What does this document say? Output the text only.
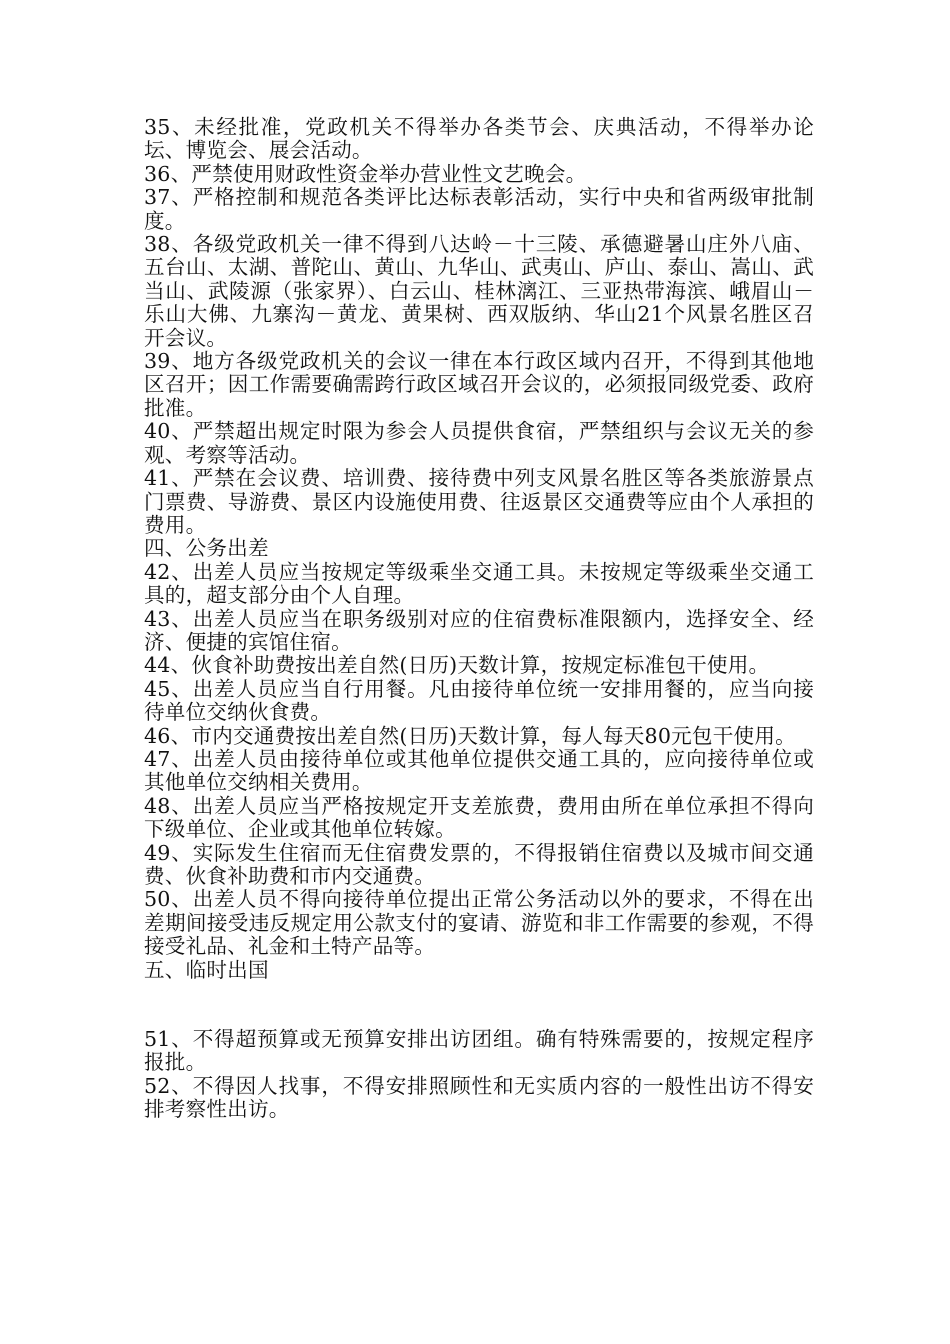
35、未经批准，党政机关不得举办各类节会、庆典活动，不得举办论坛、博览会、展会活动。

36、严禁使用财政性资金举办营业性文艺晚会。

37、严格控制和规范各类评比达标表彰活动，实行中央和省两级审批制度。

38、各级党政机关一律不得到八达岭－十三陵、承德避暑山庄外八庙、五台山、太湖、普陀山、黄山、九华山、武夷山、庐山、泰山、嵩山、武当山、武陵源（张家界）、白云山、桂林漓江、三亚热带海滨、峨眉山－乐山大佛、九寨沟－黄龙、黄果树、西双版纳、华山21个风景名胜区召开会议。

39、地方各级党政机关的会议一律在本行政区域内召开，不得到其他地区召开；因工作需要确需跨行政区域召开会议的，必须报同级党委、政府批准。

40、严禁超出规定时限为参会人员提供食宿，严禁组织与会议无关的参观、考察等活动。

41、严禁在会议费、培训费、接待费中列支风景名胜区等各类旅游景点门票费、导游费、景区内设施使用费、往返景区交通费等应由个人承担的费用。

四、公务出差

42、出差人员应当按规定等级乘坐交通工具。未按规定等级乘坐交通工具的，超支部分由个人自理。

43、出差人员应当在职务级别对应的住宿费标准限额内，选择安全、经济、便捷的宾馆住宿。

44、伙食补助费按出差自然(日历)天数计算，按规定标准包干使用。

45、出差人员应当自行用餐。凡由接待单位统一安排用餐的，应当向接待单位交纳伙食费。

46、市内交通费按出差自然(日历)天数计算，每人每天80元包干使用。

47、出差人员由接待单位或其他单位提供交通工具的，应向接待单位或其他单位交纳相关费用。

48、出差人员应当严格按规定开支差旅费，费用由所在单位承担不得向下级单位、企业或其他单位转嫁。

49、实际发生住宿而无住宿费发票的，不得报销住宿费以及城市间交通费、伙食补助费和市内交通费。

50、出差人员不得向接待单位提出正常公务活动以外的要求，不得在出差期间接受违反规定用公款支付的宴请、游览和非工作需要的参观，不得接受礼品、礼金和土特产品等。

五、临时出国

51、不得超预算或无预算安排出访团组。确有特殊需要的，按规定程序报批。

52、不得因人找事，不得安排照顾性和无实质内容的一般性出访不得安排考察性出访。
